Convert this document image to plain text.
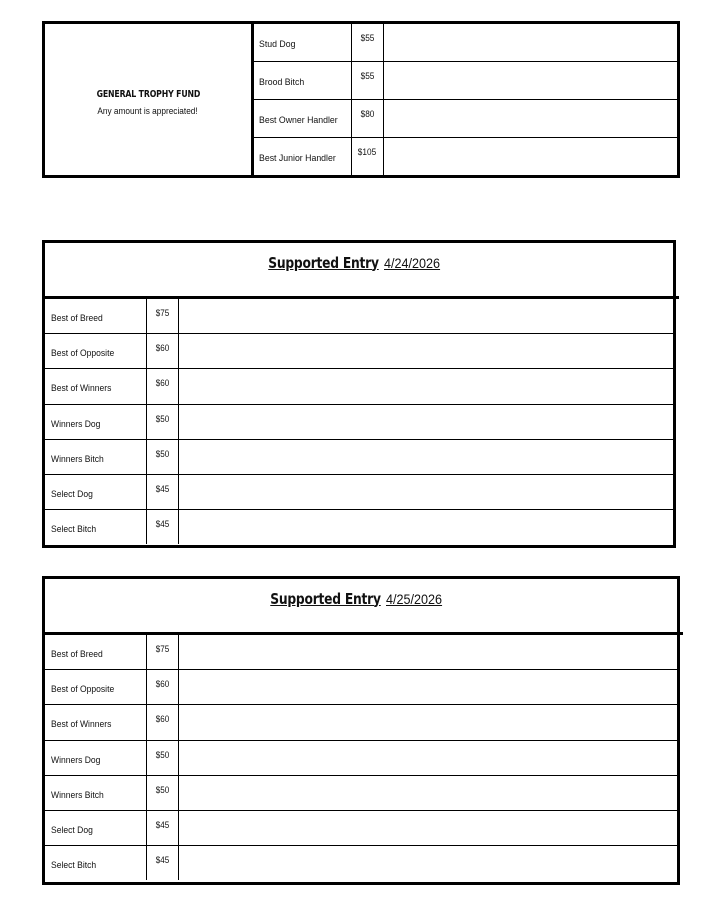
GENERAL TROPHY FUND
Any amount is appreciated!
Stud Dog	$55	
Brood Bitch	$55	
Best Owner Handler	$80	
Best Junior Handler	$105	
Supported Entry 4/24/2026
Best of Breed	$75	
Best of Opposite	$60	
Best of Winners	$60	
Winners Dog	$50	
Winners Bitch	$50	
Select Dog	$45	
Select Bitch	$45	
Supported Entry 4/25/2026
Best of Breed	$75	
Best of Opposite	$60	
Best of Winners	$60	
Winners Dog	$50	
Winners Bitch	$50	
Select Dog	$45	
Select Bitch	$45	
